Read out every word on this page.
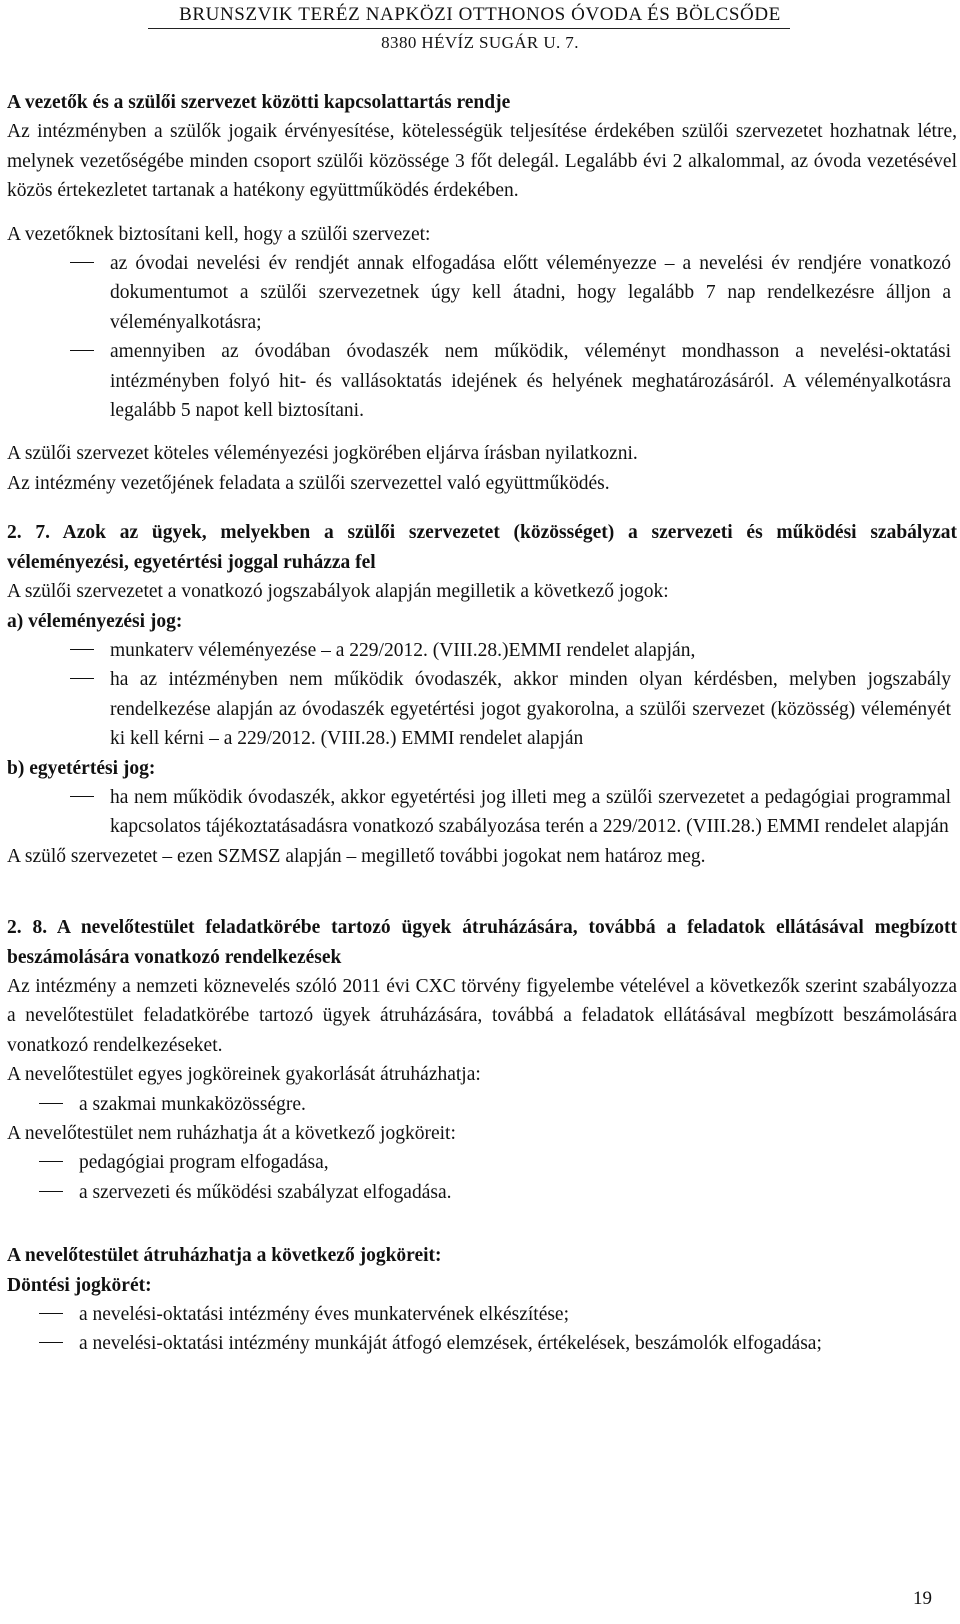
BRUNSZVIK TERÉZ NAPKÖZI OTTHONOS ÓVODA ÉS BÖLCSŐDE
8380 HÉVÍZ SUGÁR U. 7.

A vezetők és a szülői szervezet közötti kapcsolattartás rendje

Az intézményben a szülők jogaik érvényesítése, kötelességük teljesítése érdekében szülői szervezetet hozhatnak létre, melynek vezetőségébe minden csoport szülői közössége 3 főt delegál. Legalább évi 2 alkalommal, az óvoda vezetésével közös értekezletet tartanak a hatékony együttműködés érdekében.

A vezetőknek biztosítani kell, hogy a szülői szervezet:

az óvodai nevelési év rendjét annak elfogadása előtt véleményezze – a nevelési év rendjére vonatkozó dokumentumot a szülői szervezetnek úgy kell átadni, hogy legalább 7 nap rendelkezésre álljon a véleményalkotásra;
amennyiben az óvodában óvodaszék nem működik, véleményt mondhasson a nevelési-oktatási intézményben folyó hit- és vallásoktatás idejének és helyének meghatározásáról. A véleményalkotásra legalább 5 napot kell biztosítani.

A szülői szervezet köteles véleményezési jogkörében eljárva írásban nyilatkozni.

Az intézmény vezetőjének feladata a szülői szervezettel való együttműködés.

2. 7. Azok az ügyek, melyekben a szülői szervezetet (közösséget) a szervezeti és működési szabályzat véleményezési, egyetértési joggal ruházza fel

A szülői szervezetet a vonatkozó jogszabályok alapján megilletik a következő jogok:

a) véleményezési jog:

munkaterv véleményezése – a 229/2012. (VIII.28.)EMMI rendelet alapján,
ha az intézményben nem működik óvodaszék, akkor minden olyan kérdésben, melyben jogszabály rendelkezése alapján az óvodaszék egyetértési jogot gyakorolna, a szülői szervezet (közösség) véleményét ki kell kérni – a 229/2012. (VIII.28.) EMMI rendelet alapján

b) egyetértési jog:

ha nem működik óvodaszék, akkor egyetértési jog illeti meg a szülői szervezetet a pedagógiai programmal kapcsolatos tájékoztatásadásra vonatkozó szabályozása terén a 229/2012. (VIII.28.) EMMI rendelet alapján

A szülő szervezetet – ezen SZMSZ alapján – megillető további jogokat nem határoz meg.

2. 8. A nevelőtestület feladatkörébe tartozó ügyek átruházására, továbbá a feladatok ellátásával megbízott beszámolására vonatkozó rendelkezések

Az intézmény a nemzeti köznevelés szóló 2011 évi CXC törvény figyelembe vételével a következők szerint szabályozza a nevelőtestület feladatkörébe tartozó ügyek átruházására, továbbá a feladatok ellátásával megbízott beszámolására vonatkozó rendelkezéseket.

A nevelőtestület egyes jogköreinek gyakorlását átruházhatja:

a szakmai munkaközösségre.

A nevelőtestület nem ruházhatja át a következő jogköreit:

pedagógiai program elfogadása,
a szervezeti és működési szabályzat elfogadása.

A nevelőtestület átruházhatja a következő jogköreit:

Döntési jogkörét:

a nevelési-oktatási intézmény éves munkatervének elkészítése;
a nevelési-oktatási intézmény munkáját átfogó elemzések, értékelések, beszámolók elfogadása;
19
